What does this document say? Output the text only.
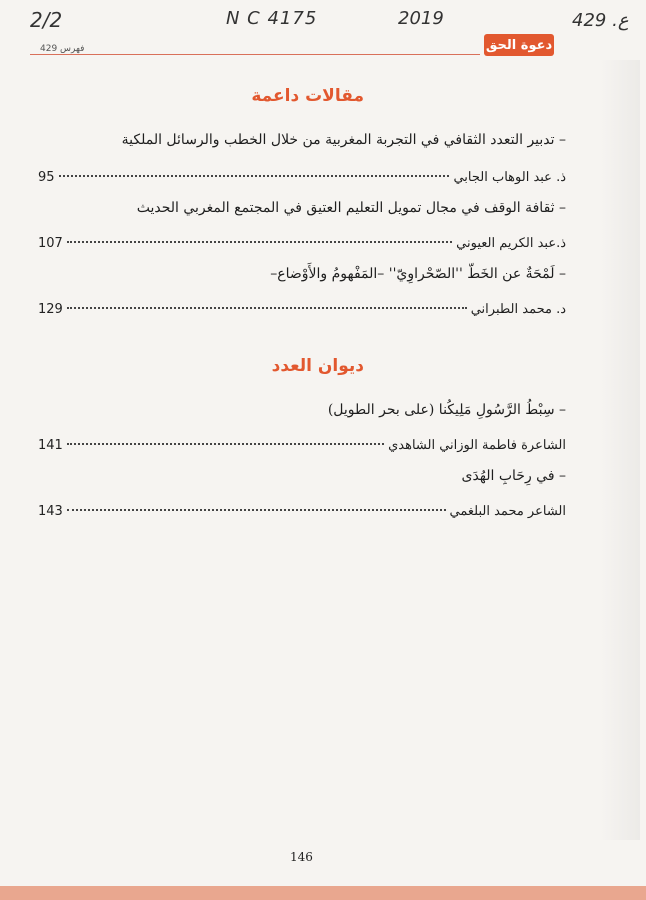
2/2	N C 4175	2019	429 .ع
فهرس 429	دعوة الحق
مقالات داعمة
– تدبير التعدد الثقافي في التجربة المغربية من خلال الخطب والرسائل الملكية
95	ذ. عبد الوهاب الجابي
– ثقافة الوقف في مجال تمويل التعليم العتيق في المجتمع المغربي الحديث
107	ذ.عبد الكريم العيوني
– لَمْحَةٌ عن الخَطّ ''الصّحْراوِيّ'' –المَفْهومُ والأَوْضاع–
129	د. محمد الطبراني
ديوان العدد
– سِبْطُ الرَّسُولِ مَلِيكُنا (على بحر الطويل)
141	الشاعرة فاطمة الوزاني الشاهدي
– في رِحَابِ الهُدَى
143	الشاعر محمد البلغمي
146
